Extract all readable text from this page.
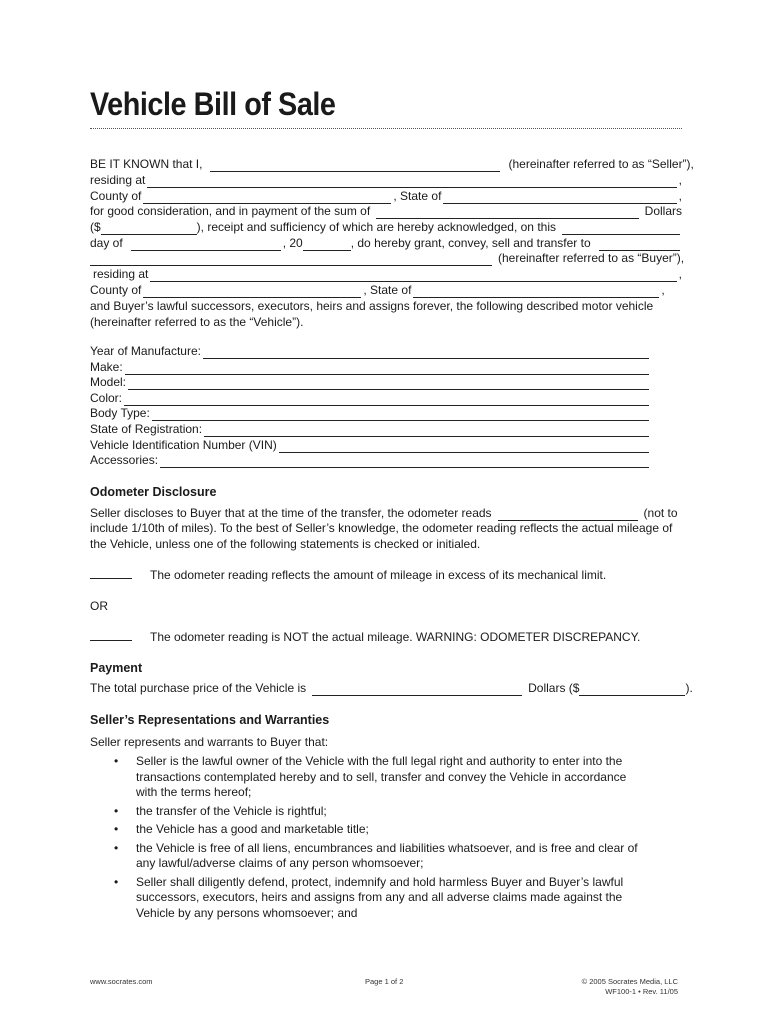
Vehicle Bill of Sale
BE IT KNOWN that I,	(hereinafter referred to as “Seller”),
residing at	,
County of	, State of	,
for good consideration, and in payment of the sum of	Dollars
($	), receipt and sufficiency of which are hereby acknowledged, on this
day of	, 20	, do hereby grant, convey, sell and transfer to
(hereinafter referred to as “Buyer”),
residing at	,
County of	, State of	,
and Buyer’s lawful successors, executors, heirs and assigns forever, the following described motor vehicle (hereinafter referred to as the “Vehicle”).
Year of Manufacture:
Make:
Model:
Color:
Body Type:
State of Registration:
Vehicle Identification Number (VIN)
Accessories:
Odometer Disclosure
Seller discloses to Buyer that at the time of the transfer, the odometer reads	(not to
include 1/10th of miles). To the best of Seller’s knowledge, the odometer reading reflects the actual mileage of the Vehicle, unless one of the following statements is checked or initialed.
The odometer reading reflects the amount of mileage in excess of its mechanical limit.
OR
The odometer reading is NOT the actual mileage. WARNING: ODOMETER DISCREPANCY.
Payment
The total purchase price of the Vehicle is	Dollars ($	).
Seller’s Representations and Warranties
Seller represents and warrants to Buyer that:
• Seller is the lawful owner of the Vehicle with the full legal right and authority to enter into the transactions contemplated hereby and to sell, transfer and convey the Vehicle in accordance with the terms hereof;
• the transfer of the Vehicle is rightful;
• the Vehicle has a good and marketable title;
• the Vehicle is free of all liens, encumbrances and liabilities whatsoever, and is free and clear of any lawful/adverse claims of any person whomsoever;
• Seller shall diligently defend, protect, indemnify and hold harmless Buyer and Buyer’s lawful successors, executors, heirs and assigns from any and all adverse claims made against the Vehicle by any persons whomsoever; and
www.socrates.com	Page 1 of 2	© 2005 Socrates Media, LLC
WF100-1 • Rev. 11/05
